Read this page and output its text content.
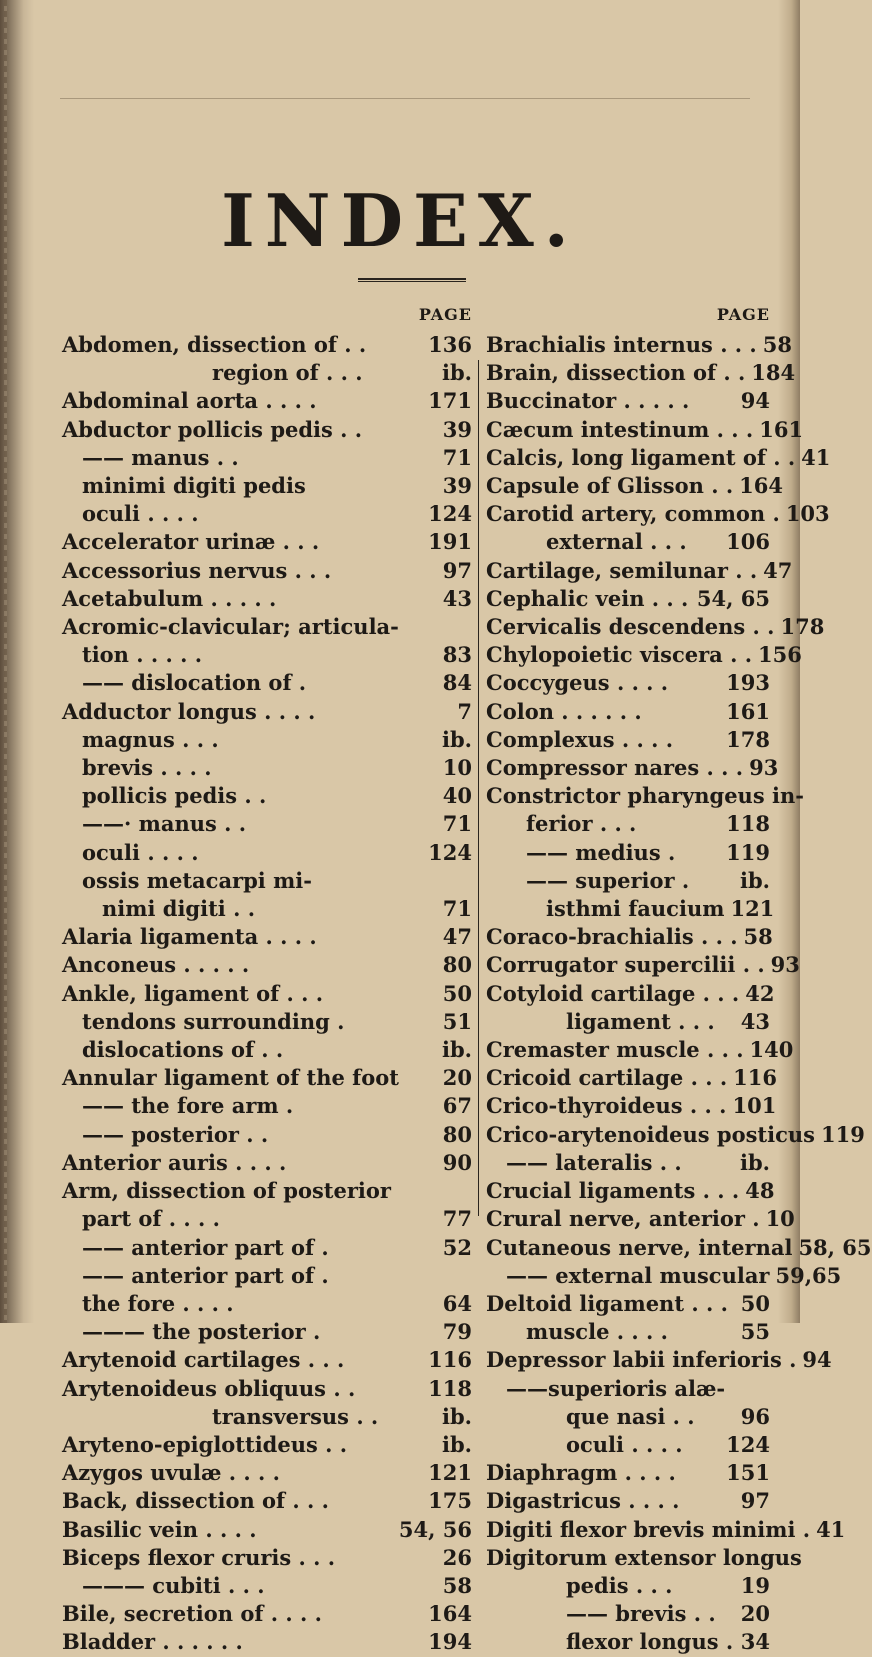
INDEX.
PAGE
Abdomen, dissection of . .	136
region of . . .	ib.
Abdominal aorta . . . .	171
Abductor pollicis pedis . .	39
—— manus . .	71
minimi digiti pedis	39
oculi . . . .	124
Accelerator urinæ . . .	191
Accessorius nervus . . .	97
Acetabulum . . . . .	43
Acromic-clavicular; articula-
tion . . . . .	83
—— dislocation of .	84
Adductor longus . . . .	7
magnus . . .	ib.
brevis . . . .	10
pollicis pedis . .	40
——· manus . .	71
oculi . . . .	124
ossis metacarpi mi-
nimi digiti . .	71
Alaria ligamenta . . . .	47
Anconeus . . . . .	80
Ankle, ligament of . . .	50
tendons surrounding .	51
dislocations of . .	ib.
Annular ligament of the foot 20
—— the fore arm .	67
—— posterior . .	80
Anterior auris . . . .	90
Arm, dissection of posterior
part of . . . .	77
—— anterior part of .	52
—— anterior part of .
the fore . . . .	64
——— the posterior .	79
Arytenoid cartilages . . .	116
Arytenoideus obliquus . .	118
transversus . .	ib.
Aryteno-epiglottideus . .	ib.
Azygos uvulæ . . . .	121
Back, dissection of . . .	175
Basilic vein . . . .	54, 56
Biceps flexor cruris . . .	26
——— cubiti . . .	58
Bile, secretion of . . . .	164
Bladder . . . . . .	194
PAGE
Brachialis internus . . . 58
Brain, dissection of . . 184
Buccinator . . . . . 94
Cæcum intestinum . . . 161
Calcis, long ligament of . . 41
Capsule of Glisson . . 164
Carotid artery, common . 103
external . . . 106
Cartilage, semilunar . . 47
Cephalic vein . . . 54, 65
Cervicalis descendens . . 178
Chylopoietic viscera . . 156
Coccygeus . . . .	193
Colon . . . . . .	161
Complexus . . . .	178
Compressor nares . . . 93
Constrictor pharyngeus in-
ferior . . .	118
—— medius . 119
—— superior . ib.
isthmi faucium 121
Coraco-brachialis . . . 58
Corrugator supercilii . . 93
Cotyloid cartilage . . . 42
ligament . . . 43
Cremaster muscle . . . 140
Cricoid cartilage . . . 116
Crico-thyroideus . . . 101
Crico-arytenoideus posticus 119
—— lateralis . .	ib.
Crucial ligaments . . . 48
Crural nerve, anterior . 10
Cutaneous nerve, internal 58, 65
—— external muscular 59,65
Deltoid ligament . . . 50
muscle . . . .	55
Depressor labii inferioris . 94
——superioris alæ-
que nasi . . 96
oculi . . . . 124
Diaphragm . . . . 151
Digastricus . . . .	97
Digiti flexor brevis minimi . 41
Digitorum extensor longus
pedis . . .	19
—— brevis . . 20
flexor longus . 34
